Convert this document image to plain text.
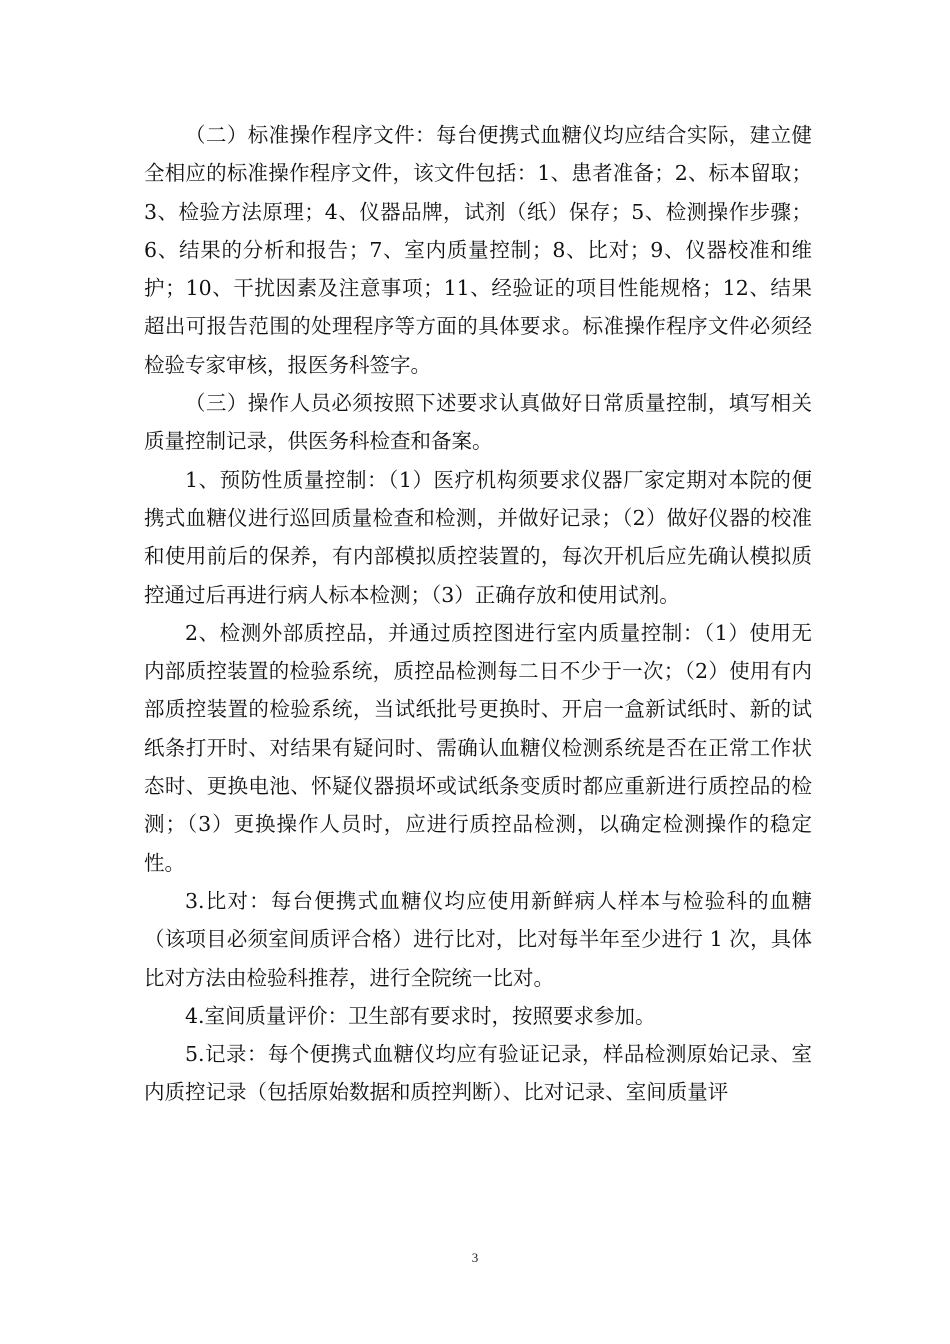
（二）标准操作程序文件：每台便携式血糖仪均应结合实际，建立健全相应的标准操作程序文件，该文件包括：1、患者准备；2、标本留取；3、检验方法原理；4、仪器品牌，试剂（纸）保存；5、检测操作步骤；6、结果的分析和报告；7、室内质量控制；8、比对；9、仪器校准和维护；10、干扰因素及注意事项；11、经验证的项目性能规格；12、结果超出可报告范围的处理程序等方面的具体要求。标准操作程序文件必须经检验专家审核，报医务科签字。

（三）操作人员必须按照下述要求认真做好日常质量控制，填写相关质量控制记录，供医务科检查和备案。

1、预防性质量控制：（1）医疗机构须要求仪器厂家定期对本院的便携式血糖仪进行巡回质量检查和检测，并做好记录；（2）做好仪器的校准和使用前后的保养，有内部模拟质控装置的，每次开机后应先确认模拟质控通过后再进行病人标本检测；（3）正确存放和使用试剂。

2、检测外部质控品，并通过质控图进行室内质量控制：（1）使用无内部质控装置的检验系统，质控品检测每二日不少于一次；（2）使用有内部质控装置的检验系统，当试纸批号更换时、开启一盒新试纸时、新的试纸条打开时、对结果有疑问时、需确认血糖仪检测系统是否在正常工作状态时、更换电池、怀疑仪器损坏或试纸条变质时都应重新进行质控品的检测；（3）更换操作人员时，应进行质控品检测，以确定检测操作的稳定性。

3.比对：每台便携式血糖仪均应使用新鲜病人样本与检验科的血糖（该项目必须室间质评合格）进行比对，比对每半年至少进行 1 次，具体比对方法由检验科推荐，进行全院统一比对。

4.室间质量评价：卫生部有要求时，按照要求参加。

5.记录：每个便携式血糖仪均应有验证记录，样品检测原始记录、室内质控记录（包括原始数据和质控判断）、比对记录、室间质量评

3
